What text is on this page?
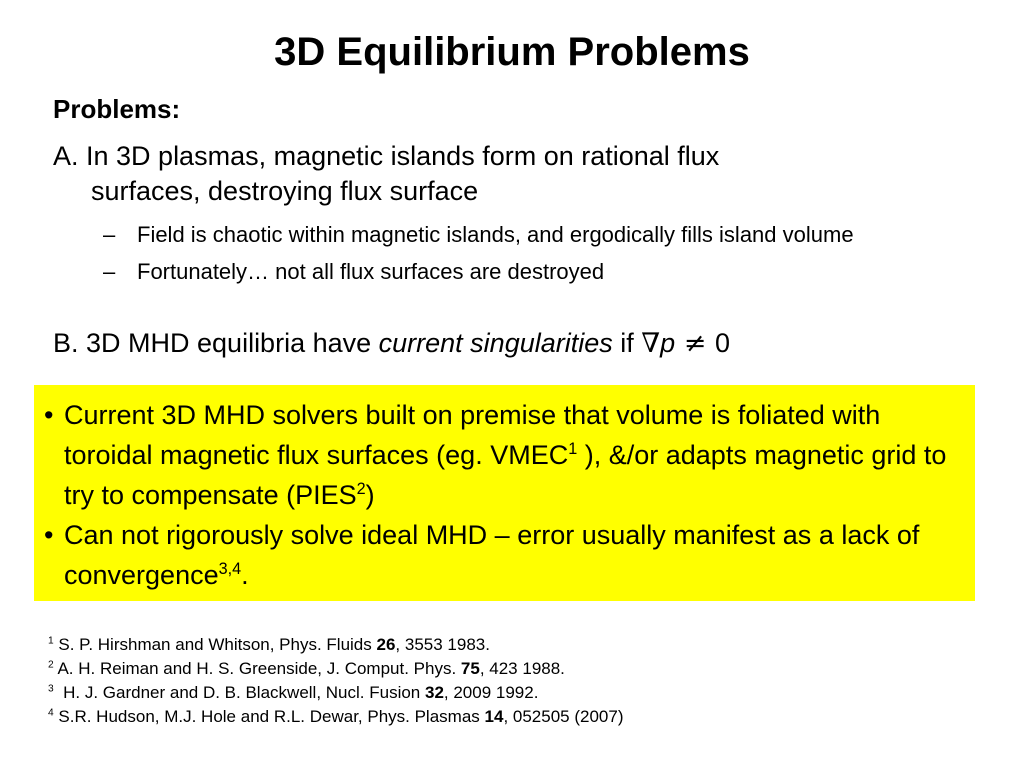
3D Equilibrium Problems
Problems:
A. In 3D plasmas, magnetic islands form on rational flux
surfaces, destroying flux surface
– Field is chaotic within magnetic islands, and ergodically fills island volume
– Fortunately… not all flux surfaces are destroyed
B. 3D MHD equilibria have current singularities if ∇p ≠ 0
• Current 3D MHD solvers built on premise that volume is foliated with toroidal magnetic flux surfaces (eg. VMEC$^1$ ), &/or adapts magnetic grid to try to compensate (PIES$^2$)
• Can not rigorously solve ideal MHD – error usually manifest as a lack of convergence$^{3,4}$.
$^1$ S. P. Hirshman and Whitson, Phys. Fluids 26, 3553 1983.
$^2$ A. H. Reiman and H. S. Greenside, J. Comput. Phys. 75, 423 1988.
$^3$  H. J. Gardner and D. B. Blackwell, Nucl. Fusion 32, 2009 1992.
$^4$ S.R. Hudson, M.J. Hole and R.L. Dewar, Phys. Plasmas 14, 052505 (2007)
